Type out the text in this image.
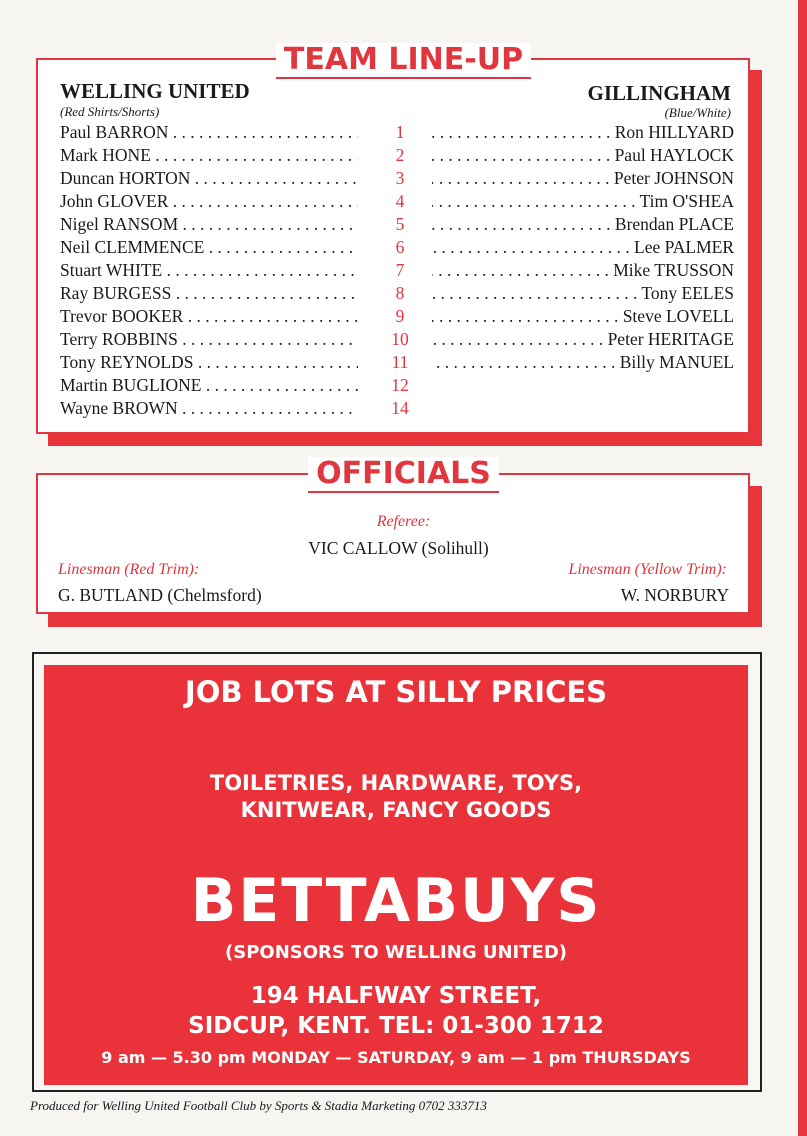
TEAM LINE-UP
WELLING UNITED
(Red Shirts/Shorts)
GILLINGHAM
(Blue/White)
Paul BARRON . . .	1	. . . Ron HILLYARD
Mark HONE . . .	2	. . . Paul HAYLOCK
Duncan HORTON . . .	3	. . . Peter JOHNSON
John GLOVER . . .	4	. . . Tim O'SHEA
Nigel RANSOM . . .	5	. . . Brendan PLACE
Neil CLEMMENCE . . .	6	. . . Lee PALMER
Stuart WHITE . . .	7	. . . Mike TRUSSON
Ray BURGESS . . .	8	. . . Tony EELES
Trevor BOOKER . . .	9	. . . Steve LOVELL
Terry ROBBINS . . .	10	. . . Peter HERITAGE
Tony REYNOLDS . . .	11	. . . Billy MANUEL
Martin BUGLIONE . . .	12
Wayne BROWN . . .	14
OFFICIALS
Referee:
VIC CALLOW (Solihull)
Linesman (Red Trim):
G. BUTLAND (Chelmsford)
Linesman (Yellow Trim):
W. NORBURY
JOB LOTS AT SILLY PRICES
TOILETRIES, HARDWARE, TOYS,
KNITWEAR, FANCY GOODS
BETTABUYS
(SPONSORS TO WELLING UNITED)
194 HALFWAY STREET,
SIDCUP, KENT. TEL: 01-300 1712
9 am — 5.30 pm MONDAY — SATURDAY, 9 am — 1 pm THURSDAYS
Produced for Welling United Football Club by Sports & Stadia Marketing 0702 333713
